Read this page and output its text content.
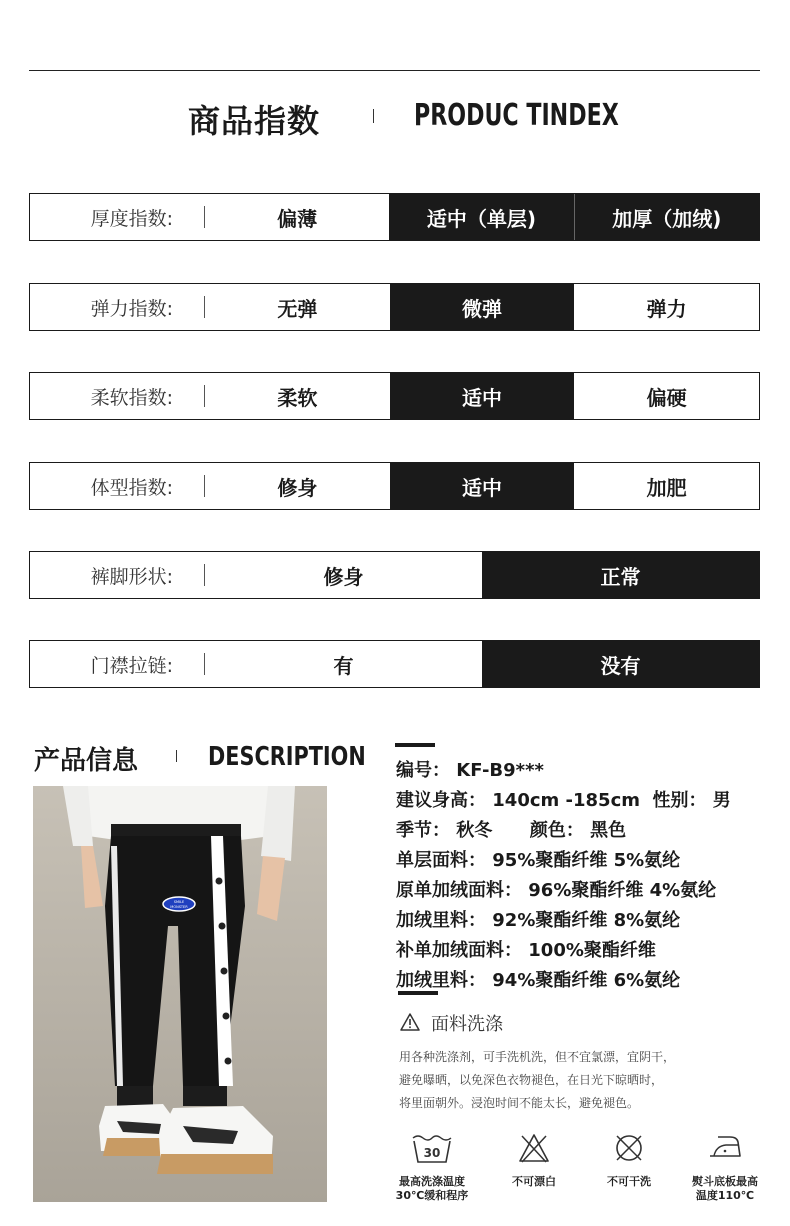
商品指数	PRODUC TINDEX
厚度指数:	偏薄	适中（单层)	加厚（加绒)
弹力指数:	无弹	微弹	弹力
柔软指数:	柔软	适中	偏硬
体型指数:	修身	适中	加肥
裤脚形状:	修身	正常
门襟拉链:	有	没有
产品信息	DESCRIPTION
SMILE
MONSTER
编号： KF-B9***
建议身高： 140cm -185cm  性别： 男
季节： 秋冬      颜色： 黑色
单层面料： 95%聚酯纤维 5%氨纶
原单加绒面料： 96%聚酯纤维 4%氨纶
加绒里料： 92%聚酯纤维 8%氨纶
补单加绒面料： 100%聚酯纤维
加绒里料： 94%聚酯纤维 6%氨纶
面料洗涤
用各种洗涤剂，可手洗机洗，但不宜氯漂，宜阴干，
避免曝晒，以免深色衣物褪色，在日光下晾晒时，
将里面朝外。浸泡时间不能太长，避免褪色。
30
最高洗涤温度
30℃缓和程序
不可漂白	不可干洗	熨斗底板最高
温度110℃
